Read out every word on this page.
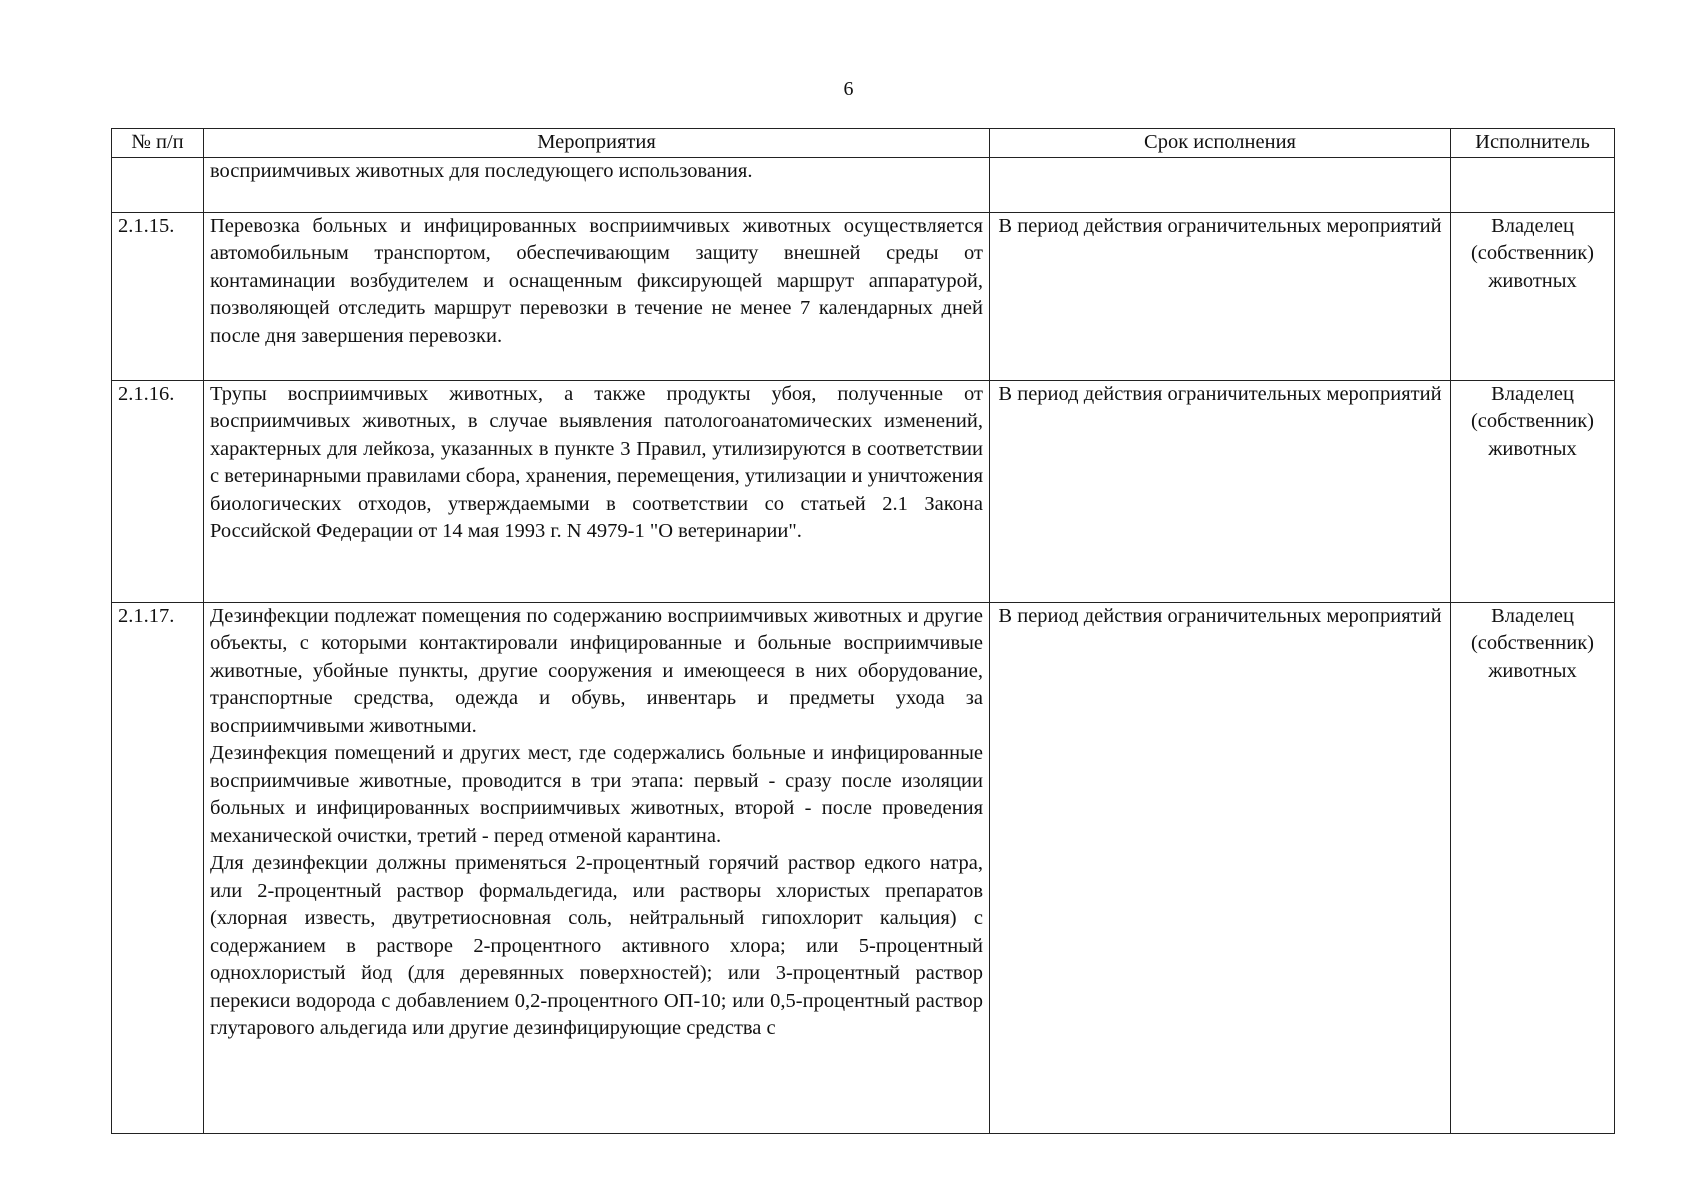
6
№ п/п	Мероприятия	Срок исполнения	Исполнитель
	восприимчивых животных для последующего использования.		
2.1.15.	Перевозка больных и инфицированных восприимчивых животных осуществляется автомобильным транспортом, обеспечивающим защиту внешней среды от контаминации возбудителем и оснащенным фиксирующей маршрут аппаратурой, позволяющей отследить маршрут перевозки в течение не менее 7 календарных дней после дня завершения перевозки.	В период действия ограничительных мероприятий	Владелец (собственник) животных
2.1.16.	Трупы восприимчивых животных, а также продукты убоя, полученные от восприимчивых животных, в случае выявления патологоанатомических изменений, характерных для лейкоза, указанных в пункте 3 Правил, утилизируются в соответствии с ветеринарными правилами сбора, хранения, перемещения, утилизации и уничтожения биологических отходов, утверждаемыми в соответствии со статьей 2.1 Закона Российской Федерации от 14 мая 1993 г. N 4979-1 "О ветеринарии".	В период действия ограничительных мероприятий	Владелец (собственник) животных
2.1.17.	Дезинфекции подлежат помещения по содержанию восприимчивых животных и другие объекты, с которыми контактировали инфицированные и больные восприимчивые животные, убойные пункты, другие сооружения и имеющееся в них оборудование, транспортные средства, одежда и обувь, инвентарь и предметы ухода за восприимчивыми животными.

Дезинфекция помещений и других мест, где содержались больные и инфицированные восприимчивые животные, проводится в три этапа: первый - сразу после изоляции больных и инфицированных восприимчивых животных, второй - после проведения механической очистки, третий - перед отменой карантина.

Для дезинфекции должны применяться 2-процентный горячий раствор едкого натра, или 2-процентный раствор формальдегида, или растворы хлористых препаратов (хлорная известь, двутретиосновная соль, нейтральный гипохлорит кальция) с содержанием в растворе 2-процентного активного хлора; или 5-процентный однохлористый йод (для деревянных поверхностей); или 3-процентный раствор перекиси водорода с добавлением 0,2-процентного ОП-10; или 0,5-процентный раствор глутарового альдегида или другие дезинфицирующие средства с	В период действия ограничительных мероприятий	Владелец (собственник) животных
